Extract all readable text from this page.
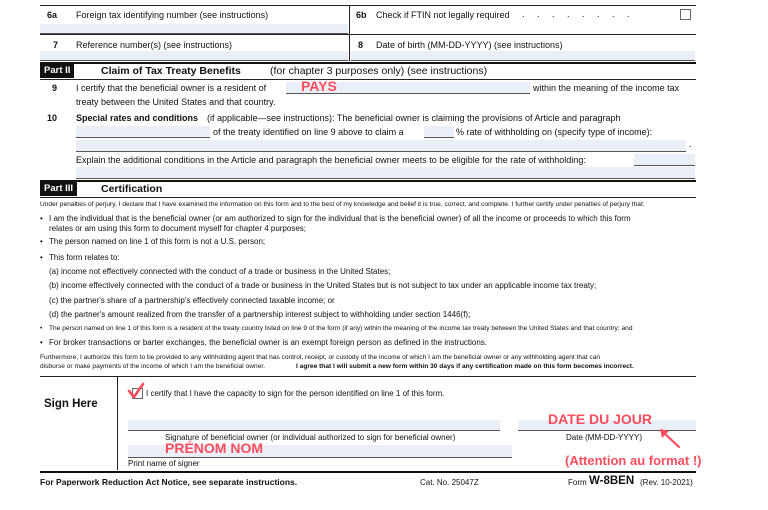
6a Foreign tax identifying number (see instructions)	6b Check if FTIN not legally required . . . . . . . .
7 Reference number(s) (see instructions)	8 Date of birth (MM-DD-YYYY) (see instructions)
Part II	Claim of Tax Treaty Benefits	(for chapter 3 purposes only) (see instructions)
9 I certify that the beneficial owner is a resident of PAYS	within the meaning of the income tax
treaty between the United States and that country.
10 Special rates and conditions (if applicable—see instructions): The beneficial owner is claiming the provisions of Article and paragraph
of the treaty identified on line 9 above to claim a	% rate of withholding on (specify type of income):
.
Explain the additional conditions in the Article and paragraph the beneficial owner meets to be eligible for the rate of withholding:
Part III	Certification
Under penalties of perjury, I declare that I have examined the information on this form and to the best of my knowledge and belief it is true, correct, and complete. I further certify under penalties of perjury that:
• I am the individual that is the beneficial owner (or am authorized to sign for the individual that is the beneficial owner) of all the income or proceeds to which this form
relates or am using this form to document myself for chapter 4 purposes;
• The person named on line 1 of this form is not a U.S. person;
• This form relates to:
(a) income not effectively connected with the conduct of a trade or business in the United States;
(b) income effectively connected with the conduct of a trade or business in the United States but is not subject to tax under an applicable income tax treaty;
(c) the partner's share of a partnership's effectively connected taxable income; or
(d) the partner's amount realized from the transfer of a partnership interest subject to withholding under section 1446(f);
• The person named on line 1 of this form is a resident of the treaty country listed on line 9 of the form (if any) within the meaning of the income tax treaty between the United States and that country; and
• For broker transactions or barter exchanges, the beneficial owner is an exempt foreign person as defined in the instructions.
Furthermore, I authorize this form to be provided to any withholding agent that has control, receipt, or custody of the income of which I am the beneficial owner or any withholding agent that can
disburse or make payments of the income of which I am the beneficial owner.	I agree that I will submit a new form within 30 days if any certification made on this form becomes incorrect.
Sign Here
I certify that I have the capacity to sign for the person identified on line 1 of this form.
DATE DU JOUR
Signature of beneficial owner (or individual authorized to sign for beneficial owner)	Date (MM-DD-YYYY)
PRÉNOM NOM
Print name of signer	(Attention au format !)
For Paperwork Reduction Act Notice, see separate instructions.	Cat. No. 25047Z	Form W-8BEN (Rev. 10-2021)
